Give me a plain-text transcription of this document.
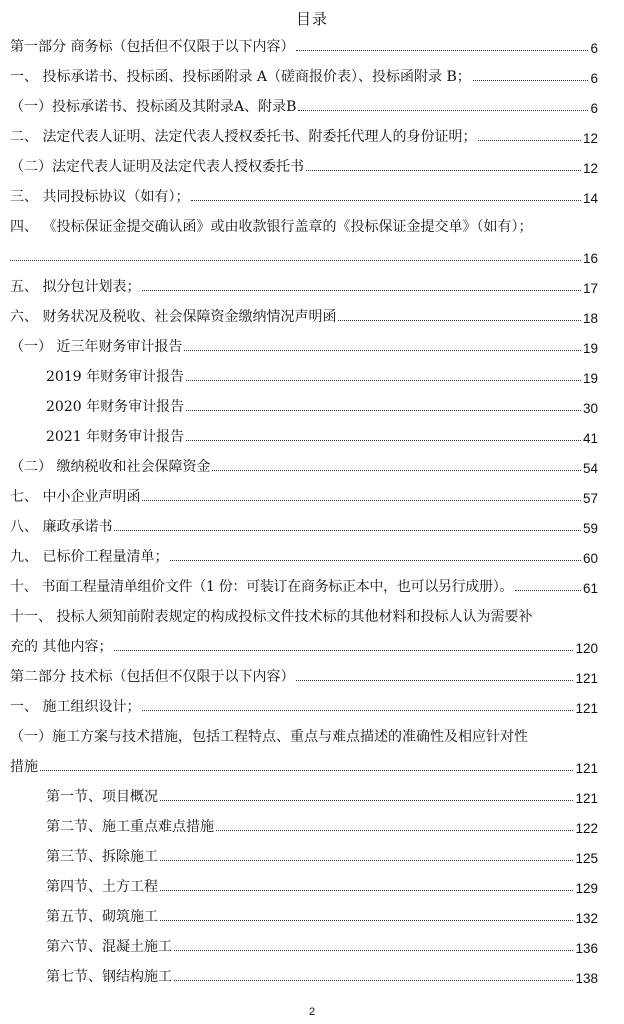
目录
第一部分 商务标（包括但不仅限于以下内容）	6
一、 投标承诺书、投标函、投标函附录 A（磋商报价表）、投标函附录 B；	6
（一）投标承诺书、投标函及其附录A、附录B	6
二、 法定代表人证明、法定代表人授权委托书、附委托代理人的身份证明；	12
（二）法定代表人证明及法定代表人授权委托书	12
三、 共同投标协议（如有）；	14
四、 《投标保证金提交确认函》或由收款银行盖章的《投标保证金提交单》（如有）；
16
五、 拟分包计划表；	17
六、 财务状况及税收、社会保障资金缴纳情况声明函	18
（一） 近三年财务审计报告	19
2019 年财务审计报告	19
2020 年财务审计报告	30
2021 年财务审计报告	41
（二） 缴纳税收和社会保障资金	54
七、 中小企业声明函	57
八、 廉政承诺书	59
九、 已标价工程量清单；	60
十、 书面工程量清单组价文件（1 份：可装订在商务标正本中，也可以另行成册）。	61
十一、 投标人须知前附表规定的构成投标文件技术标的其他材料和投标人认为需要补
充的 其他内容；	120
第二部分 技术标（包括但不仅限于以下内容）	121
一、 施工组织设计；	121
（一）施工方案与技术措施，包括工程特点、重点与难点描述的准确性及相应针对性
措施	121
第一节、项目概况	121
第二节、施工重点难点措施	122
第三节、拆除施工	125
第四节、土方工程	129
第五节、砌筑施工	132
第六节、混凝土施工	136
第七节、钢结构施工	138
2
